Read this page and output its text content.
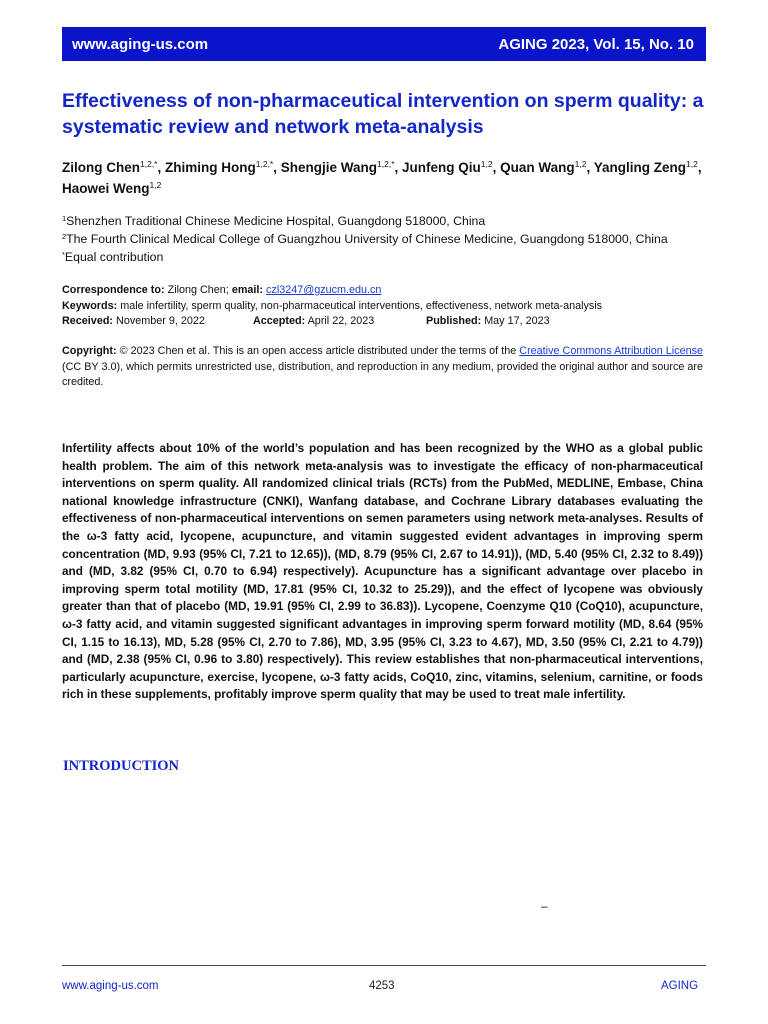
www.aging-us.com	AGING 2023, Vol. 15, No. 10
Effectiveness of non-pharmaceutical intervention on sperm quality: a systematic review and network meta-analysis
Zilong Chen$^{1,2,*}$, Zhiming Hong$^{1,2,*}$, Shengjie Wang$^{1,2,*}$, Junfeng Qiu$^{1,2}$, Quan Wang$^{1,2}$, Yangling Zeng$^{1,2}$, Haowei Weng$^{1,2}$
$^1$Shenzhen Traditional Chinese Medicine Hospital, Guangdong 518000, China
$^2$The Fourth Clinical Medical College of Guangzhou University of Chinese Medicine, Guangdong 518000, China
*Equal contribution
Correspondence to: Zilong Chen; email: czl3247@gzucm.edu.cn
Keywords: male infertility, sperm quality, non-pharmaceutical interventions, effectiveness, network meta-analysis
Received: November 9, 2022	Accepted: April 22, 2023	Published: May 17, 2023
Copyright: © 2023 Chen et al. This is an open access article distributed under the terms of the Creative Commons Attribution License (CC BY 3.0), which permits unrestricted use, distribution, and reproduction in any medium, provided the original author and source are credited.

Infertility affects about 10% of the world’s population and has been recognized by the WHO as a global public health problem. The aim of this network meta-analysis was to investigate the efficacy of non-pharmaceutical interventions on sperm quality. All randomized clinical trials (RCTs) from the PubMed, MEDLINE, Embase, China national knowledge infrastructure (CNKI), Wanfang database, and Cochrane Library databases evaluating the effectiveness of non-pharmaceutical interventions on semen parameters using network meta-analyses. Results of the ω-3 fatty acid, lycopene, acupuncture, and vitamin suggested evident advantages in improving sperm concentration (MD, 9.93 (95% CI, 7.21 to 12.65)), (MD, 8.79 (95% CI, 2.67 to 14.91)), (MD, 5.40 (95% CI, 2.32 to 8.49)) and (MD, 3.82 (95% CI, 0.70 to 6.94) respectively). Acupuncture has a significant advantage over placebo in improving sperm total motility (MD, 17.81 (95% CI, 10.32 to 25.29)), and the effect of lycopene was obviously greater than that of placebo (MD, 19.91 (95% CI, 2.99 to 36.83)). Lycopene, Coenzyme Q10 (CoQ10), acupuncture, ω-3 fatty acid, and vitamin suggested significant advantages in improving sperm forward motility (MD, 8.64 (95% CI, 1.15 to 16.13), MD, 5.28 (95% CI, 2.70 to 7.86), MD, 3.95 (95% CI, 3.23 to 4.67), MD, 3.50 (95% CI, 2.21 to 4.79)) and (MD, 2.38 (95% CI, 0.96 to 3.80) respectively). This review establishes that non-pharmaceutical interventions, particularly acupuncture, exercise, lycopene, ω-3 fatty acids, CoQ10, zinc, vitamins, selenium, carnitine, or foods rich in these supplements, profitably improve sperm quality that may be used to treat male infertility.

INTRODUCTION
–
www.aging-us.com	4253	AGING
